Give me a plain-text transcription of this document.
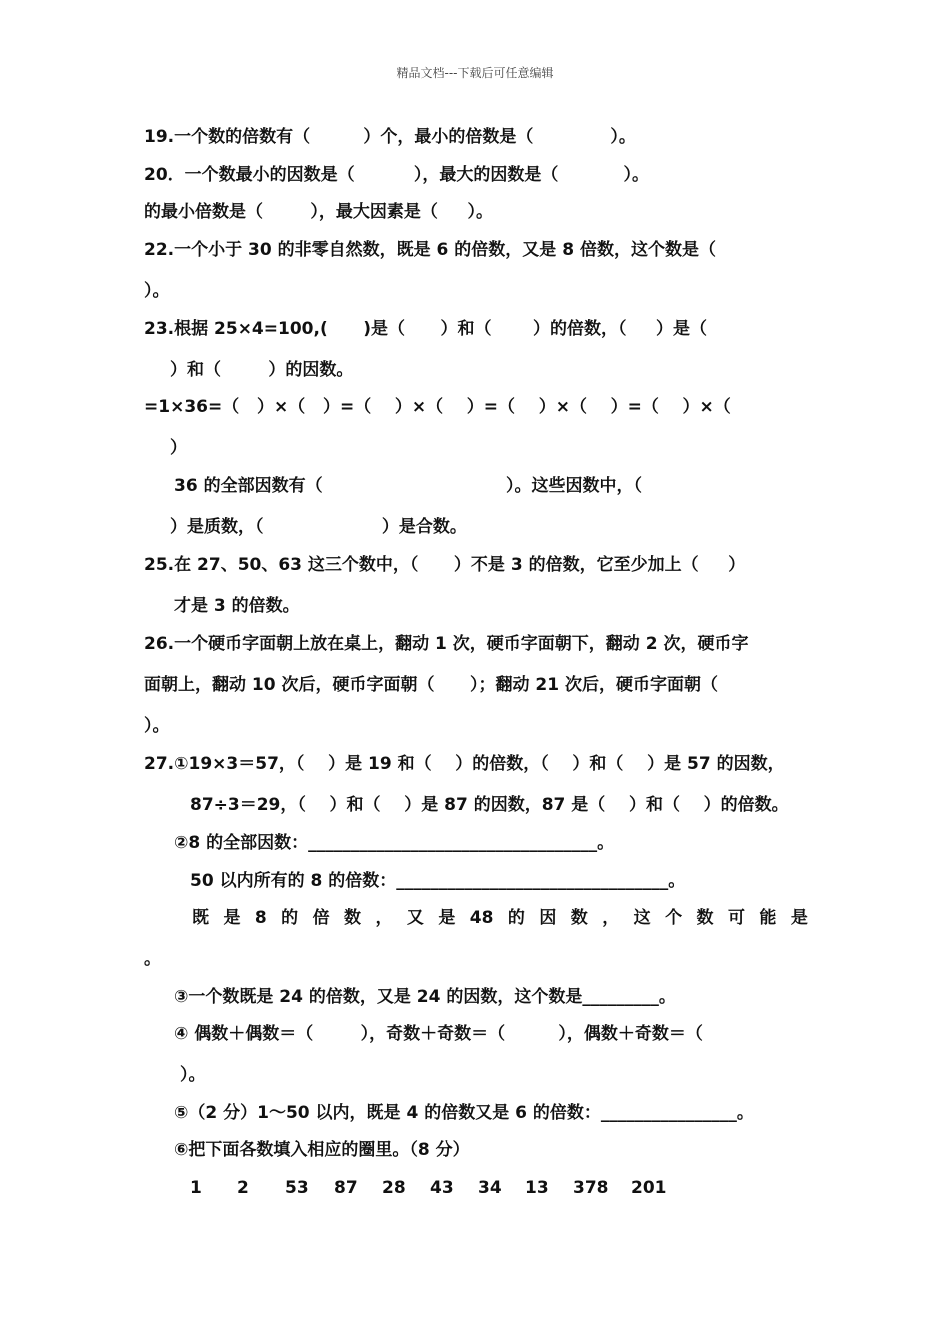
精品文档---下载后可任意编辑
19.一个数的倍数有（         ）个，最小的倍数是（             ）。
20．一个数最小的因数是（          ），最大的因数是（           ）。
的最小倍数是（        ），最大因素是（     ）。
22.一个小于 30 的非零自然数，既是 6 的倍数，又是 8 倍数，这个数是（
）。
23.根据 25×4=100,(      )是（      ）和（       ）的倍数，（     ）是（
）和（        ）的因数。
=1×36=（   ）×（   ）=（    ）×（    ）=（    ）×（    ）=（    ）×（
）
36 的全部因数有（                               ）。这些因数中，（
）是质数，（                    ）是合数。
25.在 27、50、63 这三个数中，（      ）不是 3 的倍数，它至少加上（     ）
才是 3 的倍数。
26.一个硬币字面朝上放在桌上，翻动 1 次，硬币字面朝下，翻动 2 次，硬币字
面朝上，翻动 10 次后，硬币字面朝（      ）；翻动 21 次后，硬币字面朝（
）。
27.①19×3＝57，（    ）是 19 和（    ）的倍数，（    ）和（    ）是 57 的因数，
87÷3＝29，（    ）和（    ）是 87 的因数，87 是（    ）和（    ）的倍数。
②8 的全部因数：__________________________________。
50 以内所有的 8 的倍数：________________________________。
既 是 8 的 倍 数 ， 又 是 48 的 因 数 ， 这 个 数 可 能 是
。
③一个数既是 24 的倍数，又是 24 的因数，这个数是_________。
④ 偶数＋偶数＝（        ），奇数＋奇数＝（         ），偶数＋奇数＝（
）。
⑤（2 分）1～50 以内，既是 4 的倍数又是 6 的倍数：________________。
⑥把下面各数填入相应的圈里。（8 分）
1 2 53 87 28 43 34 13 378 201
